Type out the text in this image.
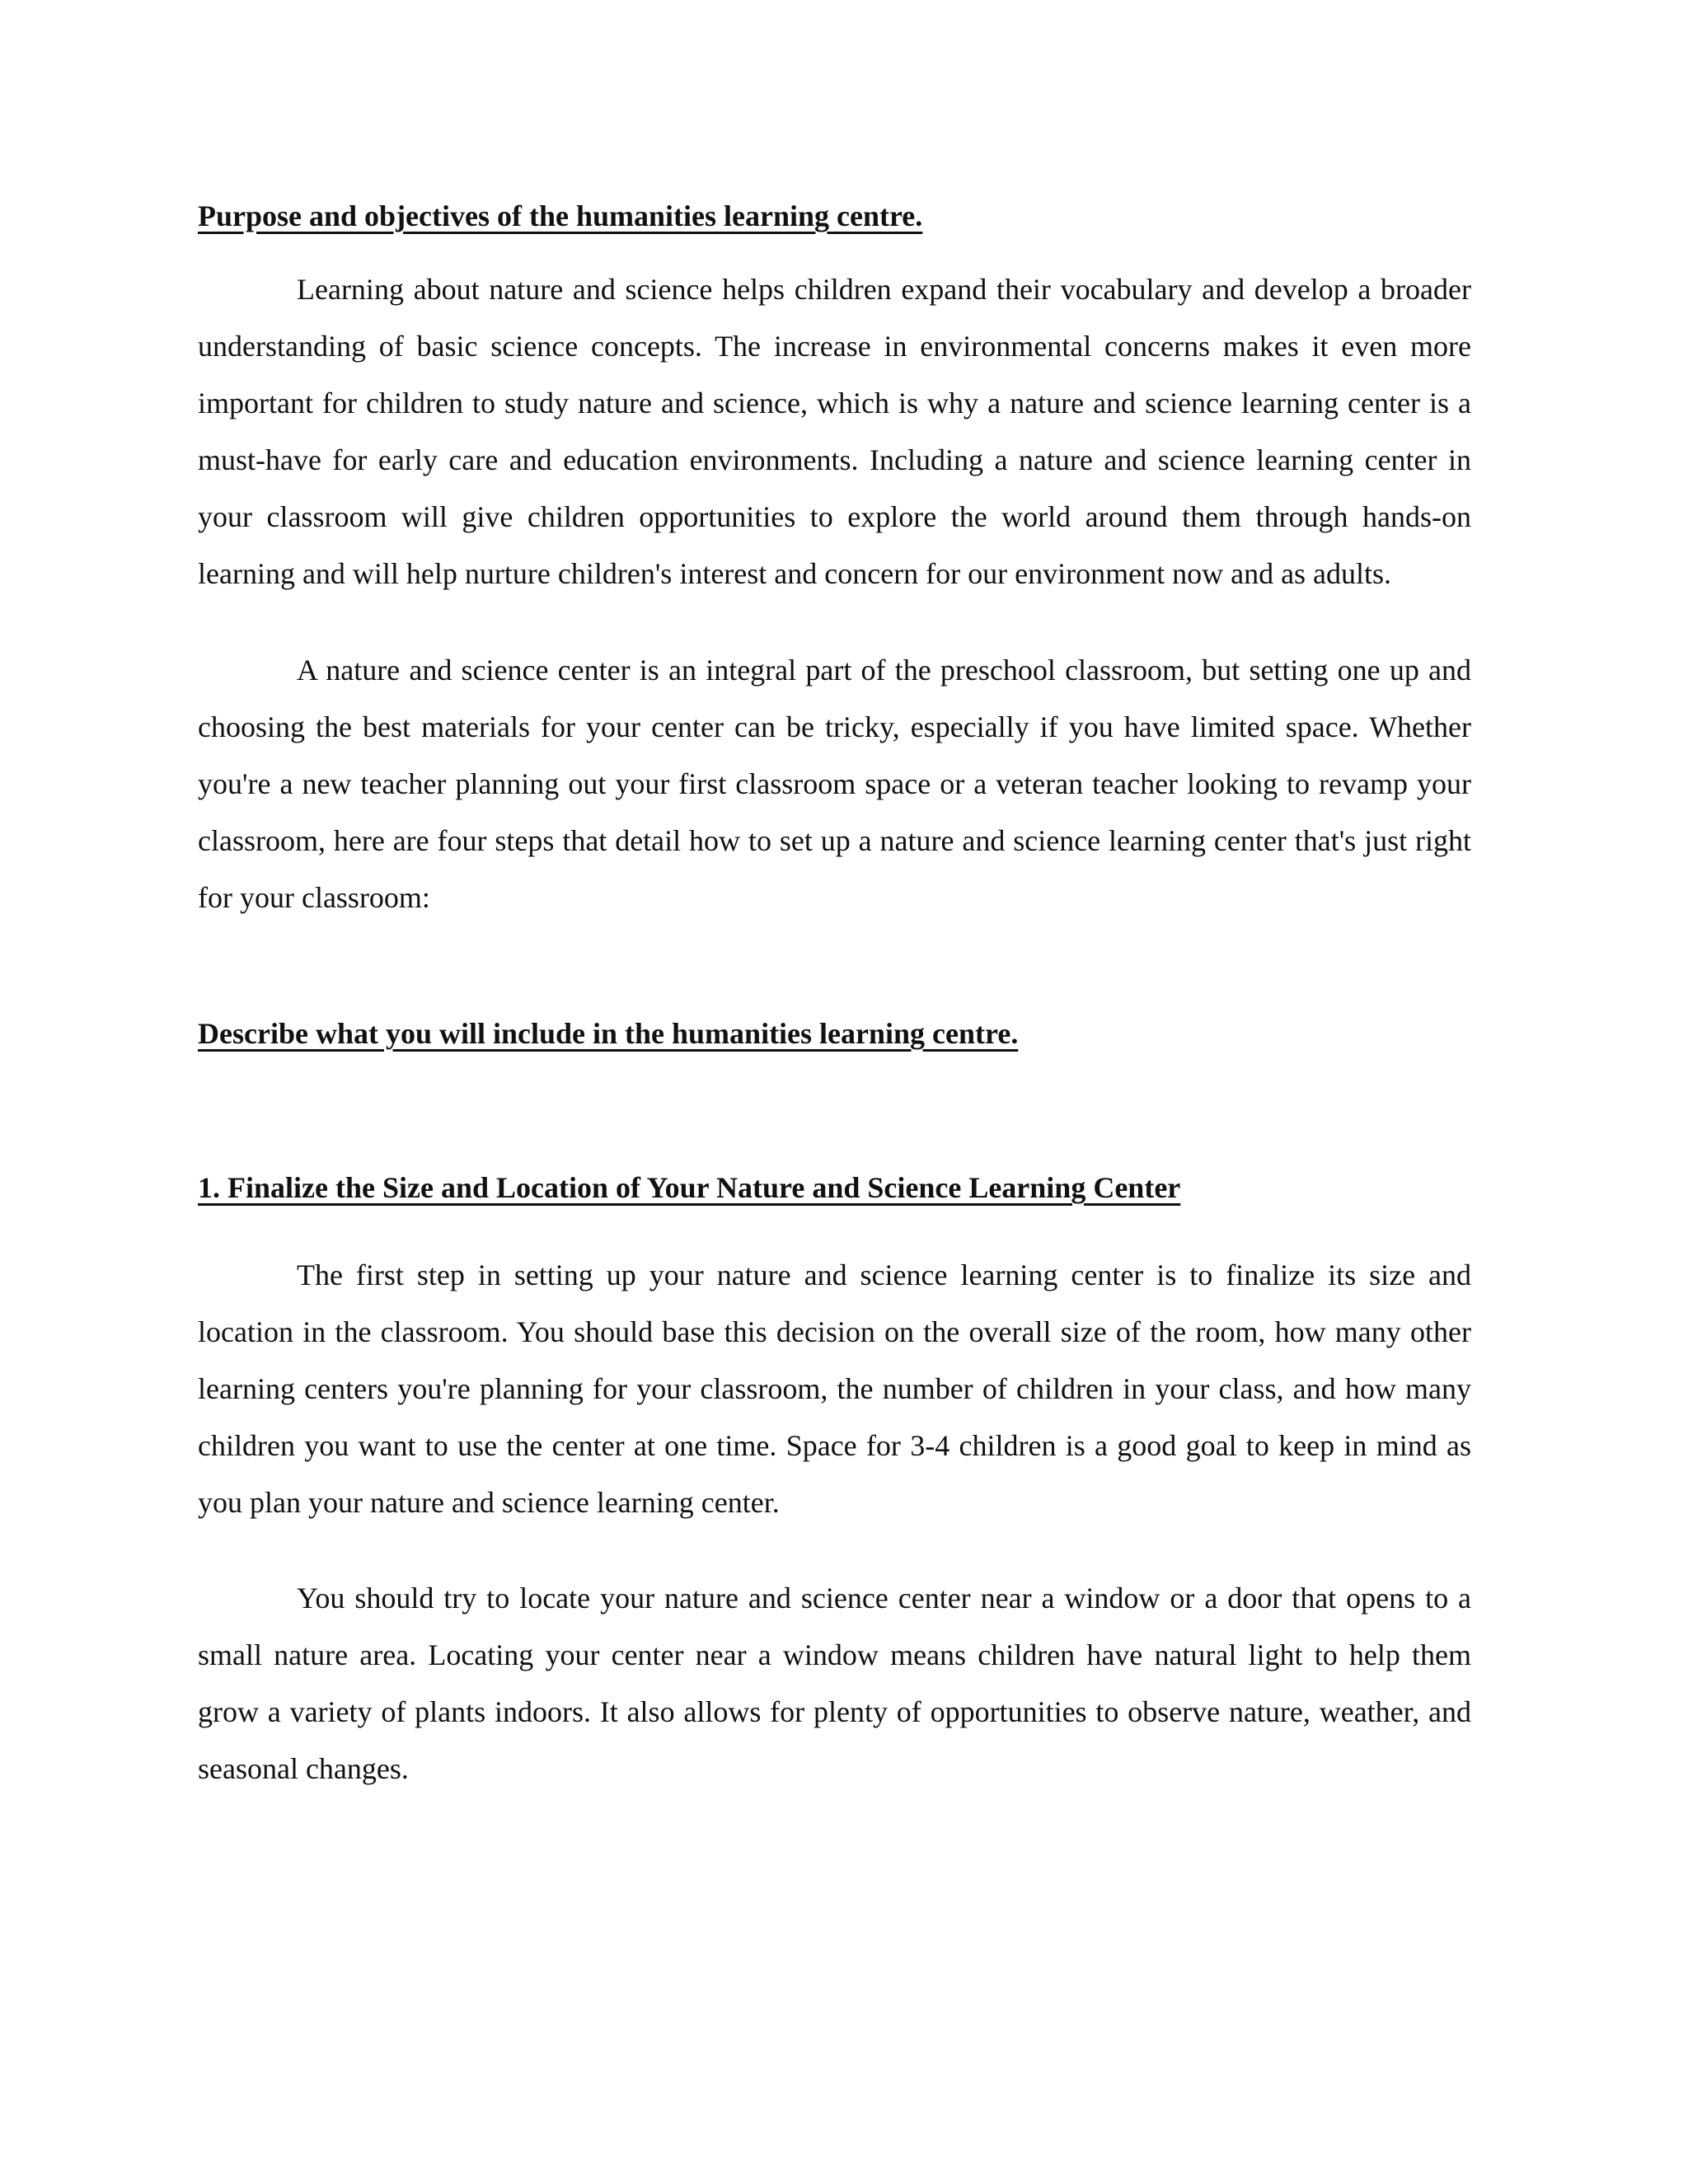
Purpose and objectives of the humanities learning centre.

Learning about nature and science helps children expand their vocabulary and develop a broader understanding of basic science concepts. The increase in environmental concerns makes it even more important for children to study nature and science, which is why a nature and science learning center is a must-have for early care and education environments. Including a nature and science learning center in your classroom will give children opportunities to explore the world around them through hands-on learning and will help nurture children's interest and concern for our environment now and as adults.

A nature and science center is an integral part of the preschool classroom, but setting one up and choosing the best materials for your center can be tricky, especially if you have limited space. Whether you're a new teacher planning out your first classroom space or a veteran teacher looking to revamp your classroom, here are four steps that detail how to set up a nature and science learning center that's just right for your classroom:

Describe what you will include in the humanities learning centre.

1. Finalize the Size and Location of Your Nature and Science Learning Center

The first step in setting up your nature and science learning center is to finalize its size and location in the classroom. You should base this decision on the overall size of the room, how many other learning centers you're planning for your classroom, the number of children in your class, and how many children you want to use the center at one time. Space for 3-4 children is a good goal to keep in mind as you plan your nature and science learning center.

You should try to locate your nature and science center near a window or a door that opens to a small nature area. Locating your center near a window means children have natural light to help them grow a variety of plants indoors. It also allows for plenty of opportunities to observe nature, weather, and seasonal changes.
